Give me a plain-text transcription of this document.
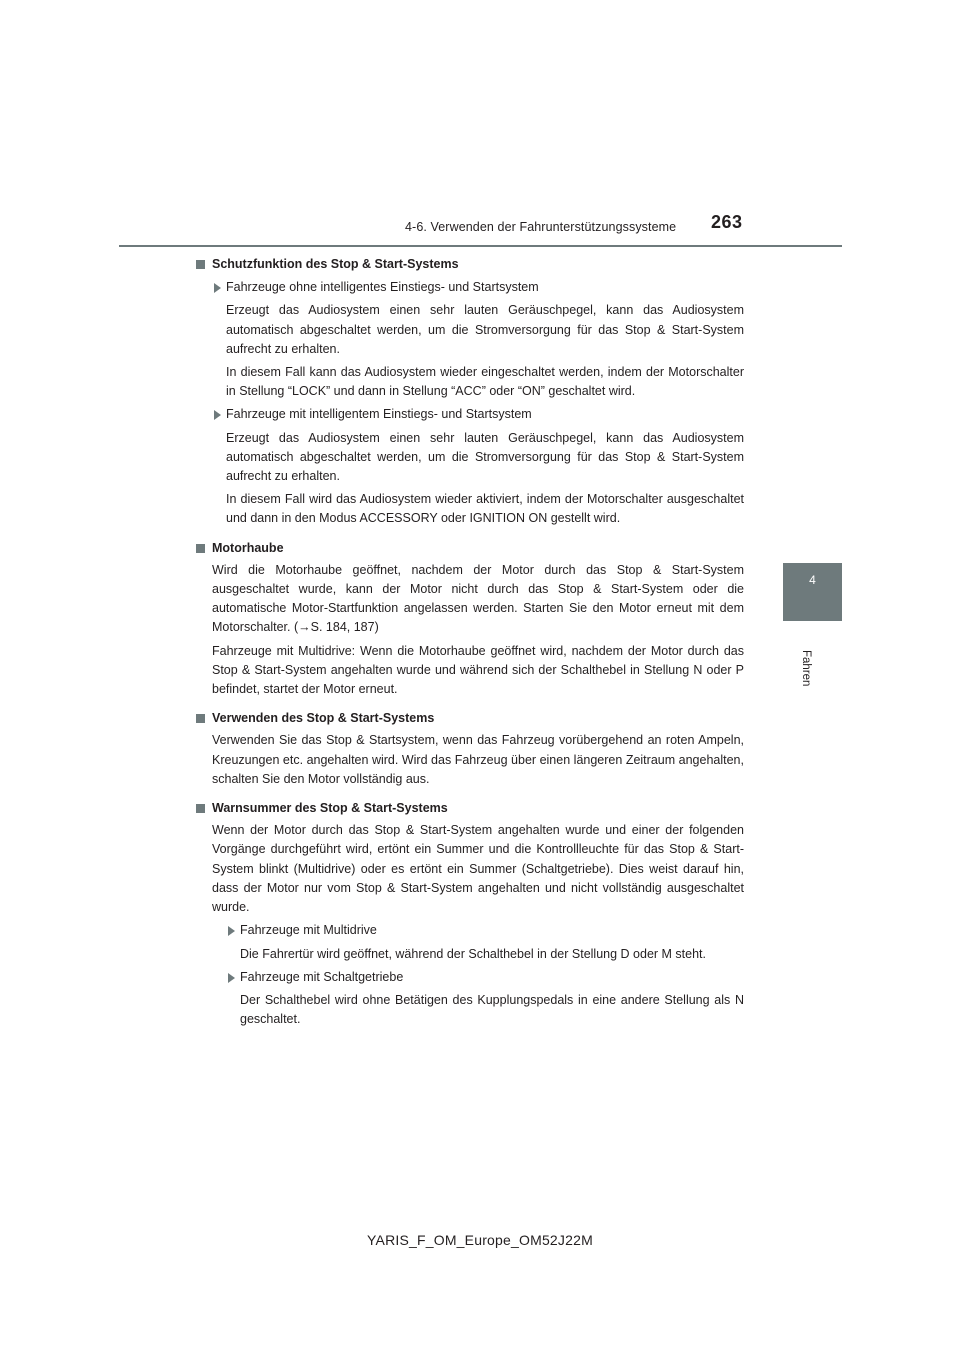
4-6. Verwenden der Fahrunterstützungssysteme 263
4
Fahren
Schutzfunktion des Stop & Start-Systems
Fahrzeuge ohne intelligentes Einstiegs- und Startsystem
Erzeugt das Audiosystem einen sehr lauten Geräuschpegel, kann das Audiosystem automatisch abgeschaltet werden, um die Stromversorgung für das Stop & Start-System aufrecht zu erhalten.
In diesem Fall kann das Audiosystem wieder eingeschaltet werden, indem der Motorschalter in Stellung “LOCK” und dann in Stellung “ACC” oder “ON” geschaltet wird.
Fahrzeuge mit intelligentem Einstiegs- und Startsystem
Erzeugt das Audiosystem einen sehr lauten Geräuschpegel, kann das Audiosystem automatisch abgeschaltet werden, um die Stromversorgung für das Stop & Start-System aufrecht zu erhalten.
In diesem Fall wird das Audiosystem wieder aktiviert, indem der Motorschalter ausgeschaltet und dann in den Modus ACCESSORY oder IGNITION ON gestellt wird.
Motorhaube
Wird die Motorhaube geöffnet, nachdem der Motor durch das Stop & Start-System ausgeschaltet wurde, kann der Motor nicht durch das Stop & Start-System oder die automatische Motor-Startfunktion angelassen werden. Starten Sie den Motor erneut mit dem Motorschalter. (→S. 184, 187)
Fahrzeuge mit Multidrive: Wenn die Motorhaube geöffnet wird, nachdem der Motor durch das Stop & Start-System angehalten wurde und während sich der Schalthebel in Stellung N oder P befindet, startet der Motor erneut.
Verwenden des Stop & Start-Systems
Verwenden Sie das Stop & Startsystem, wenn das Fahrzeug vorübergehend an roten Ampeln, Kreuzungen etc. angehalten wird. Wird das Fahrzeug über einen längeren Zeitraum angehalten, schalten Sie den Motor vollständig aus.
Warnsummer des Stop & Start-Systems
Wenn der Motor durch das Stop & Start-System angehalten wurde und einer der folgenden Vorgänge durchgeführt wird, ertönt ein Summer und die Kontrollleuchte für das Stop & Start-System blinkt (Multidrive) oder es ertönt ein Summer (Schaltgetriebe). Dies weist darauf hin, dass der Motor nur vom Stop & Start-System angehalten und nicht vollständig ausgeschaltet wurde.
Fahrzeuge mit Multidrive
Die Fahrertür wird geöffnet, während der Schalthebel in der Stellung D oder M steht.
Fahrzeuge mit Schaltgetriebe
Der Schalthebel wird ohne Betätigen des Kupplungspedals in eine andere Stellung als N geschaltet.
YARIS_F_OM_Europe_OM52J22M
